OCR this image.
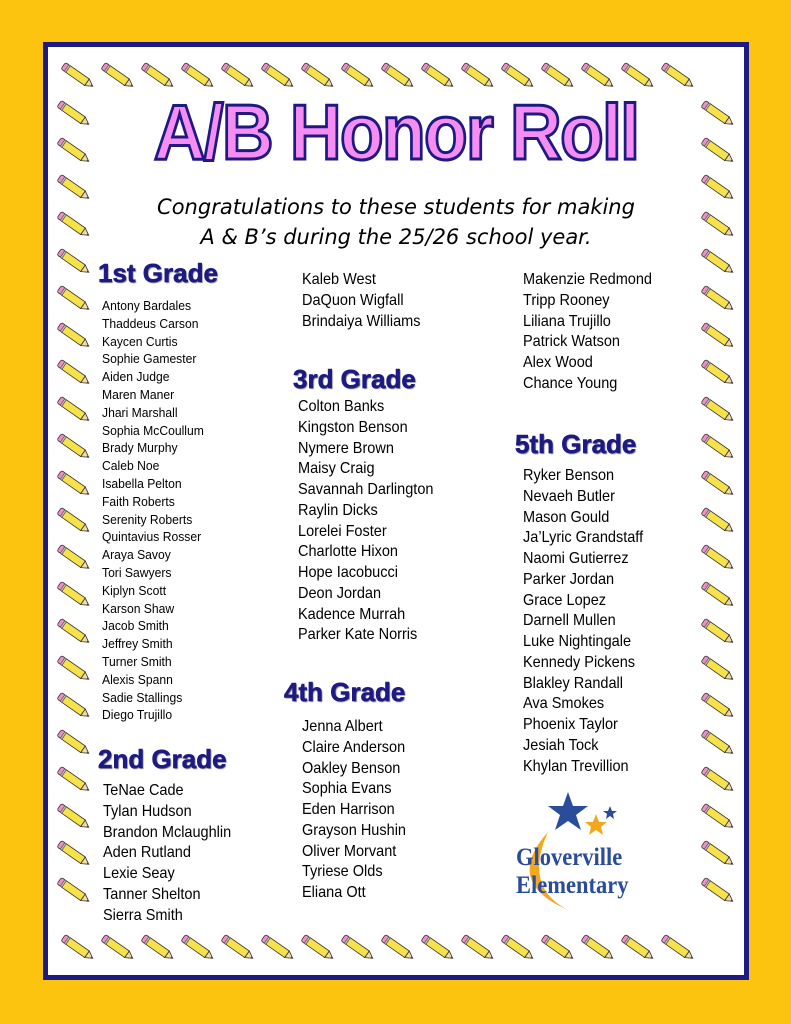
A/B Honor Roll
Congratulations to these students for making
A & B’s during the 25/26 school year.
1st Grade
Antony Bardales
Thaddeus Carson
Kaycen Curtis
Sophie Gamester
Aiden Judge
Maren Maner
Jhari Marshall
Sophia McCoullum
Brady Murphy
Caleb Noe
Isabella Pelton
Faith Roberts
Serenity Roberts
Quintavius Rosser
Araya Savoy
Tori Sawyers
Kiplyn Scott
Karson Shaw
Jacob Smith
Jeffrey Smith
Turner Smith
Alexis Spann
Sadie Stallings
Diego Trujillo
2nd Grade
TeNae Cade
Tylan Hudson
Brandon Mclaughlin
Aden Rutland
Lexie Seay
Tanner Shelton
Sierra Smith
Kaleb West
DaQuon Wigfall
Brindaiya Williams
3rd Grade
Colton Banks
Kingston Benson
Nymere Brown
Maisy Craig
Savannah Darlington
Raylin Dicks
Lorelei Foster
Charlotte Hixon
Hope Iacobucci
Deon Jordan
Kadence Murrah
Parker Kate Norris
4th Grade
Jenna Albert
Claire Anderson
Oakley Benson
Sophia Evans
Eden Harrison
Grayson Hushin
Oliver Morvant
Tyriese Olds
Eliana Ott
Makenzie Redmond
Tripp Rooney
Liliana Trujillo
Patrick Watson
Alex Wood
Chance Young
5th Grade
Ryker Benson
Nevaeh Butler
Mason Gould
Ja’Lyric Grandstaff
Naomi Gutierrez
Parker Jordan
Grace Lopez
Darnell Mullen
Luke Nightingale
Kennedy Pickens
Blakley Randall
Ava Smokes
Phoenix Taylor
Jesiah Tock
Khylan Trevillion
Gloverville
Elementary
